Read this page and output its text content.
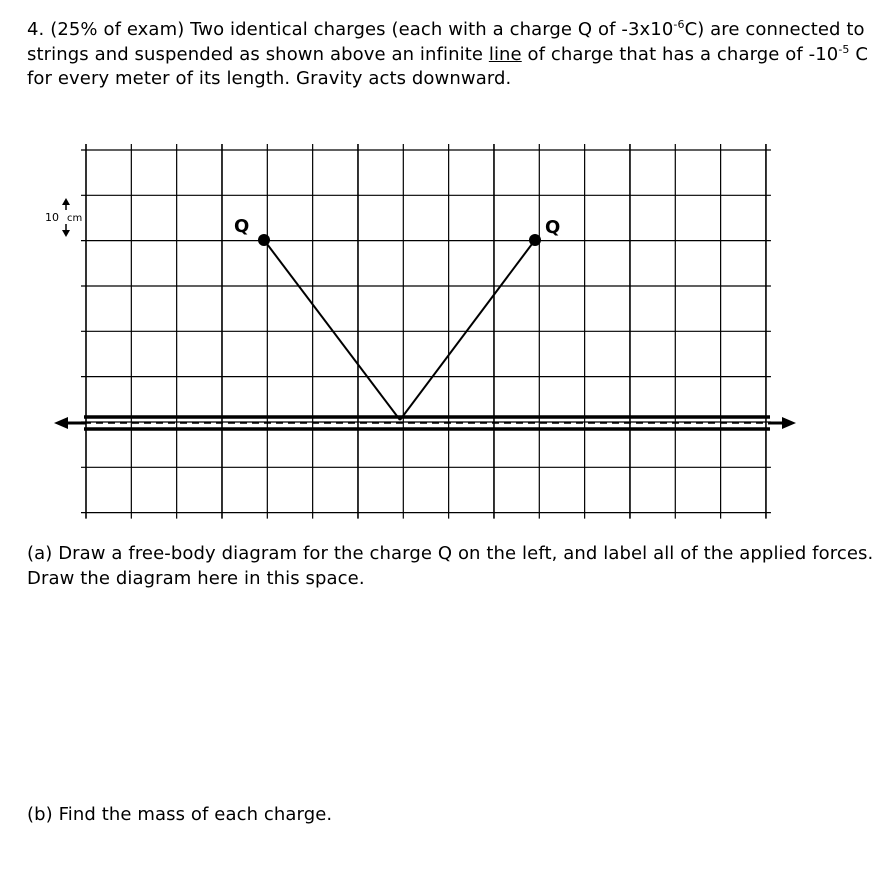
4. (25% of exam) Two identical charges (each with a charge Q of $-3x10^{-6}C$) are connected to strings and suspended as shown above an infinite line of charge that has a charge of $-10^{-5}$ C for every meter of its length. Gravity acts downward.
Q	Q
10 cm
(a) Draw a free-body diagram for the charge Q on the left, and label all of the applied forces. Draw the diagram here in this space.
(b) Find the mass of each charge.
